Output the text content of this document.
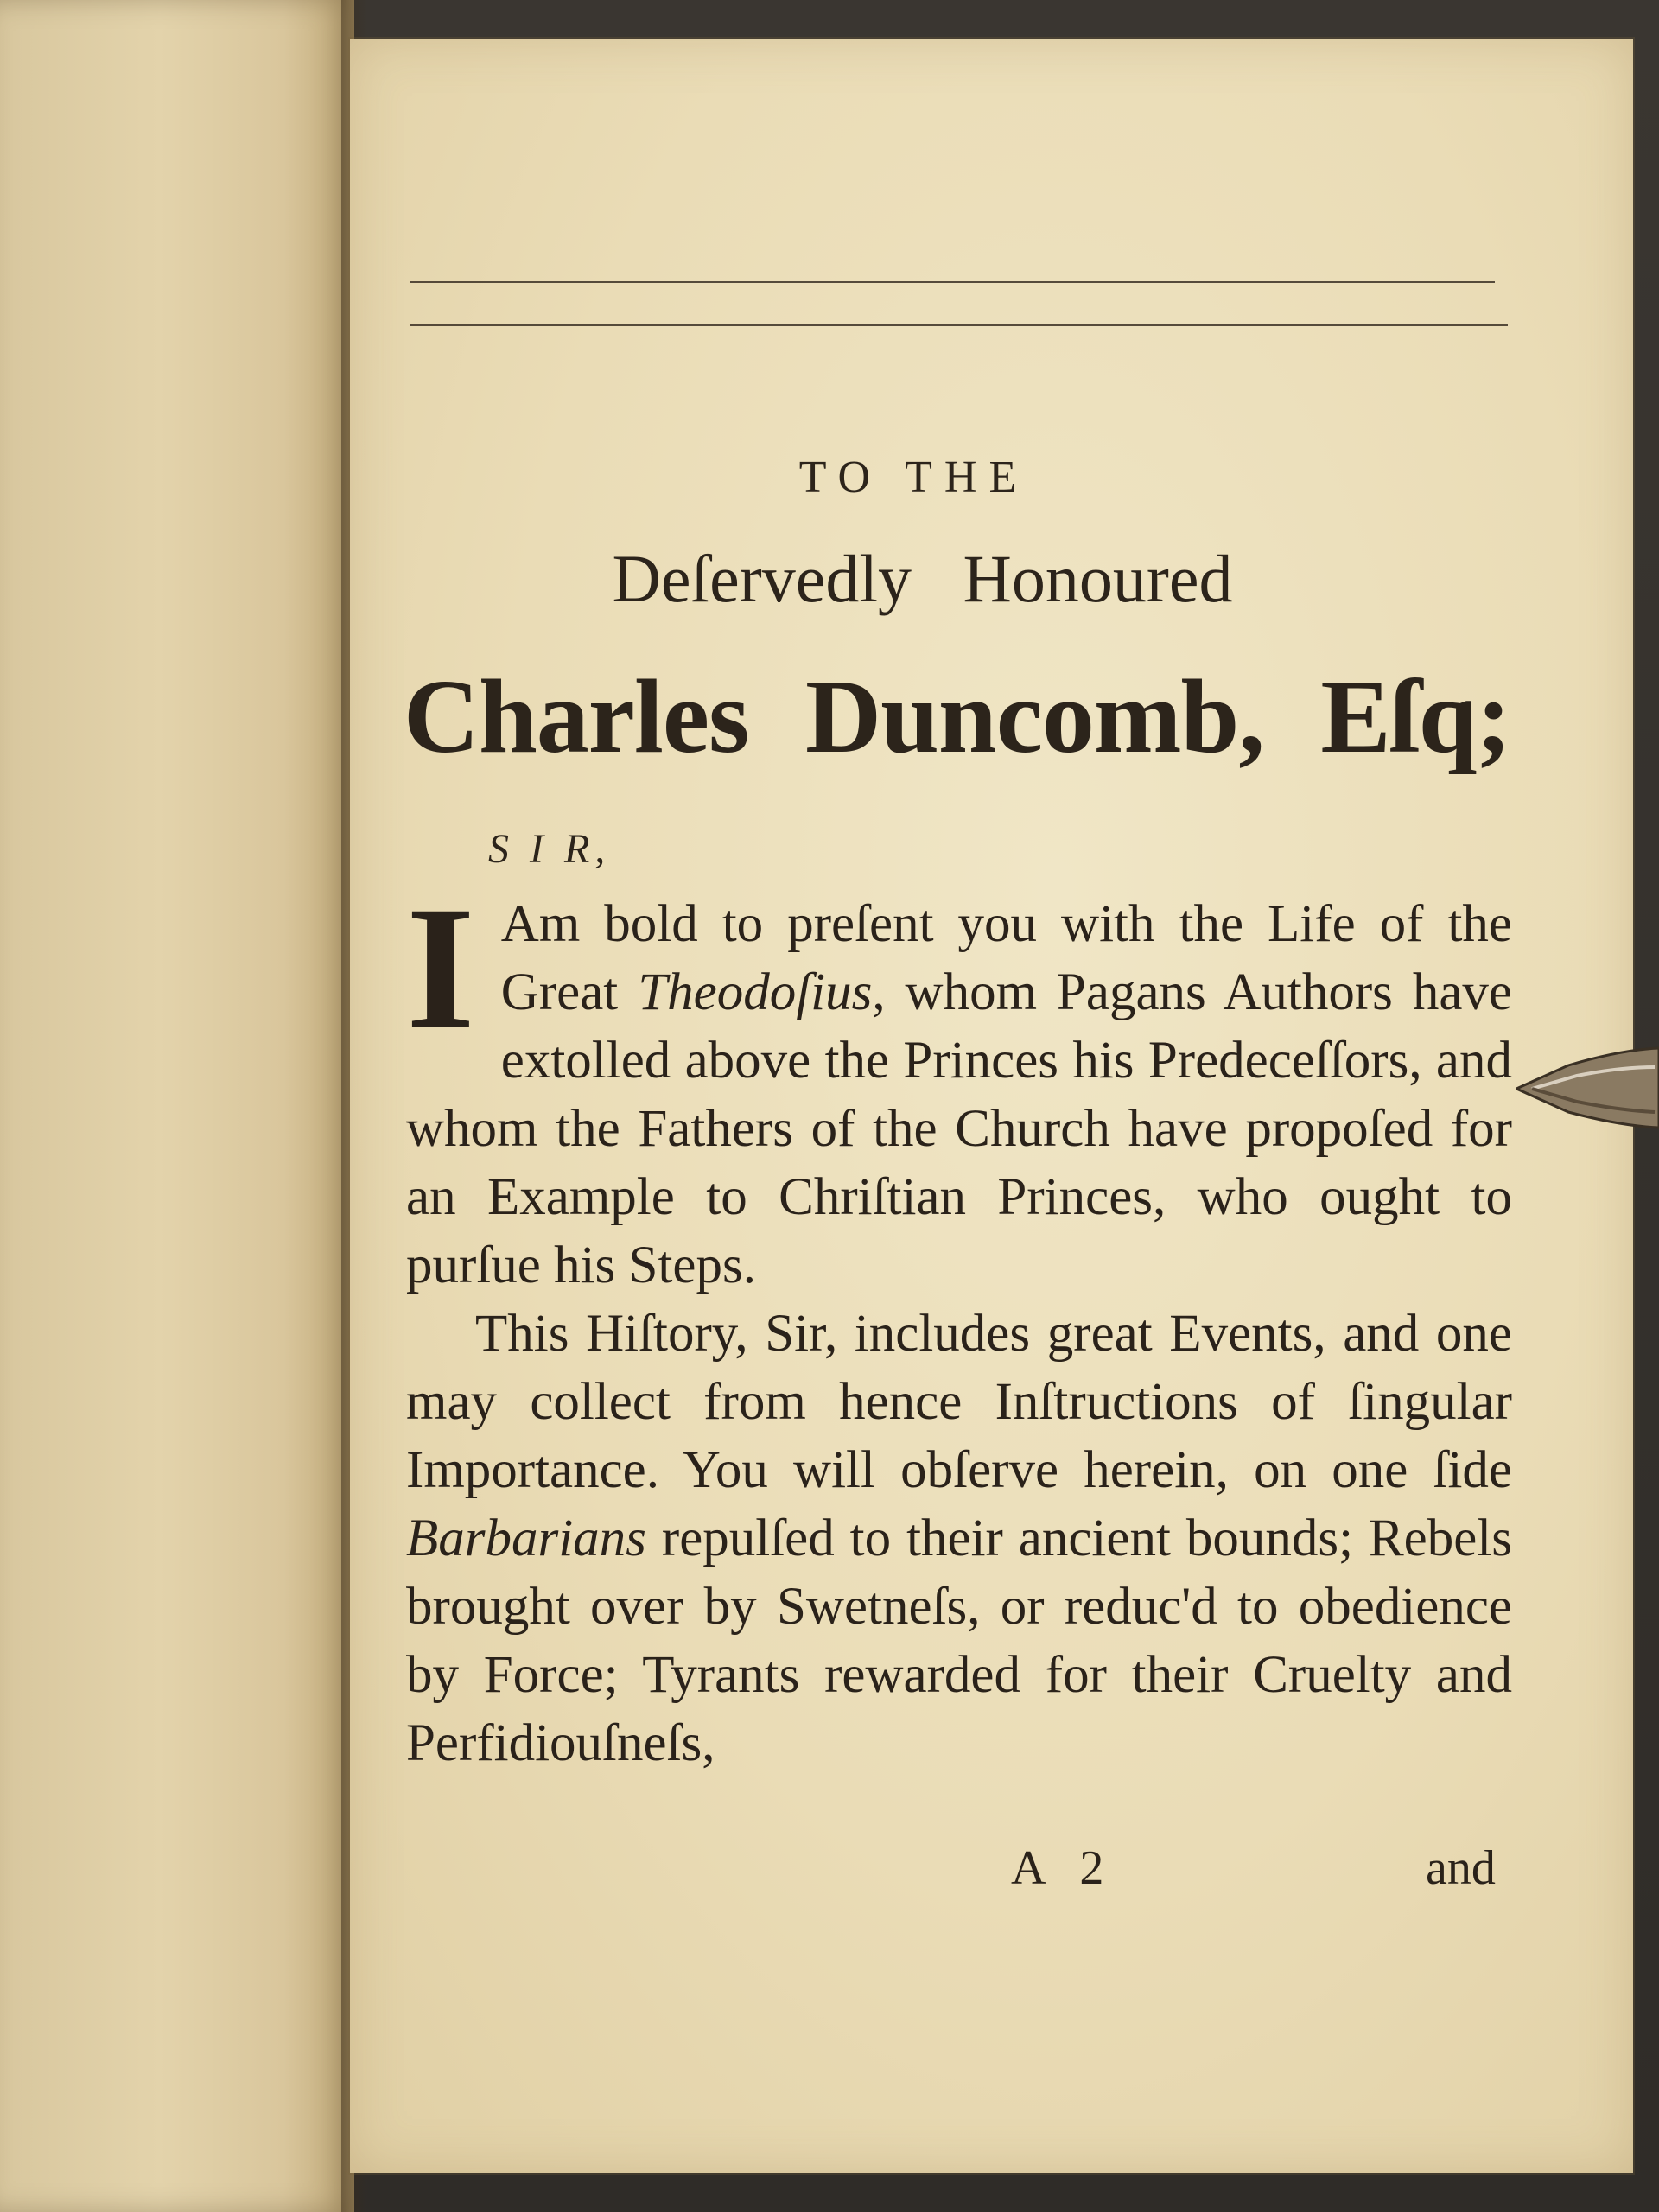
TO THE
Deſervedly Honoured
Charles Duncomb, Eſq;
S I R,

I Am bold to preſent you with the Life of the Great Theodoſius, whom Pagans Authors have extolled above the Princes his Predeceſſors, and whom the Fathers of the Church have propoſed for an Example to Chriſtian Princes, who ought to purſue his Steps.

This Hiſtory, Sir, includes great Events, and one may collect from hence Inſtructions of ſingular Importance. You will obſerve herein, on one ſide Barbarians repulſed to their ancient bounds; Rebels brought over by Swetneſs, or reduc'd to obedience by Force; Tyrants rewarded for their Cruelty and Perfidiouſneſs,

A 2	and
